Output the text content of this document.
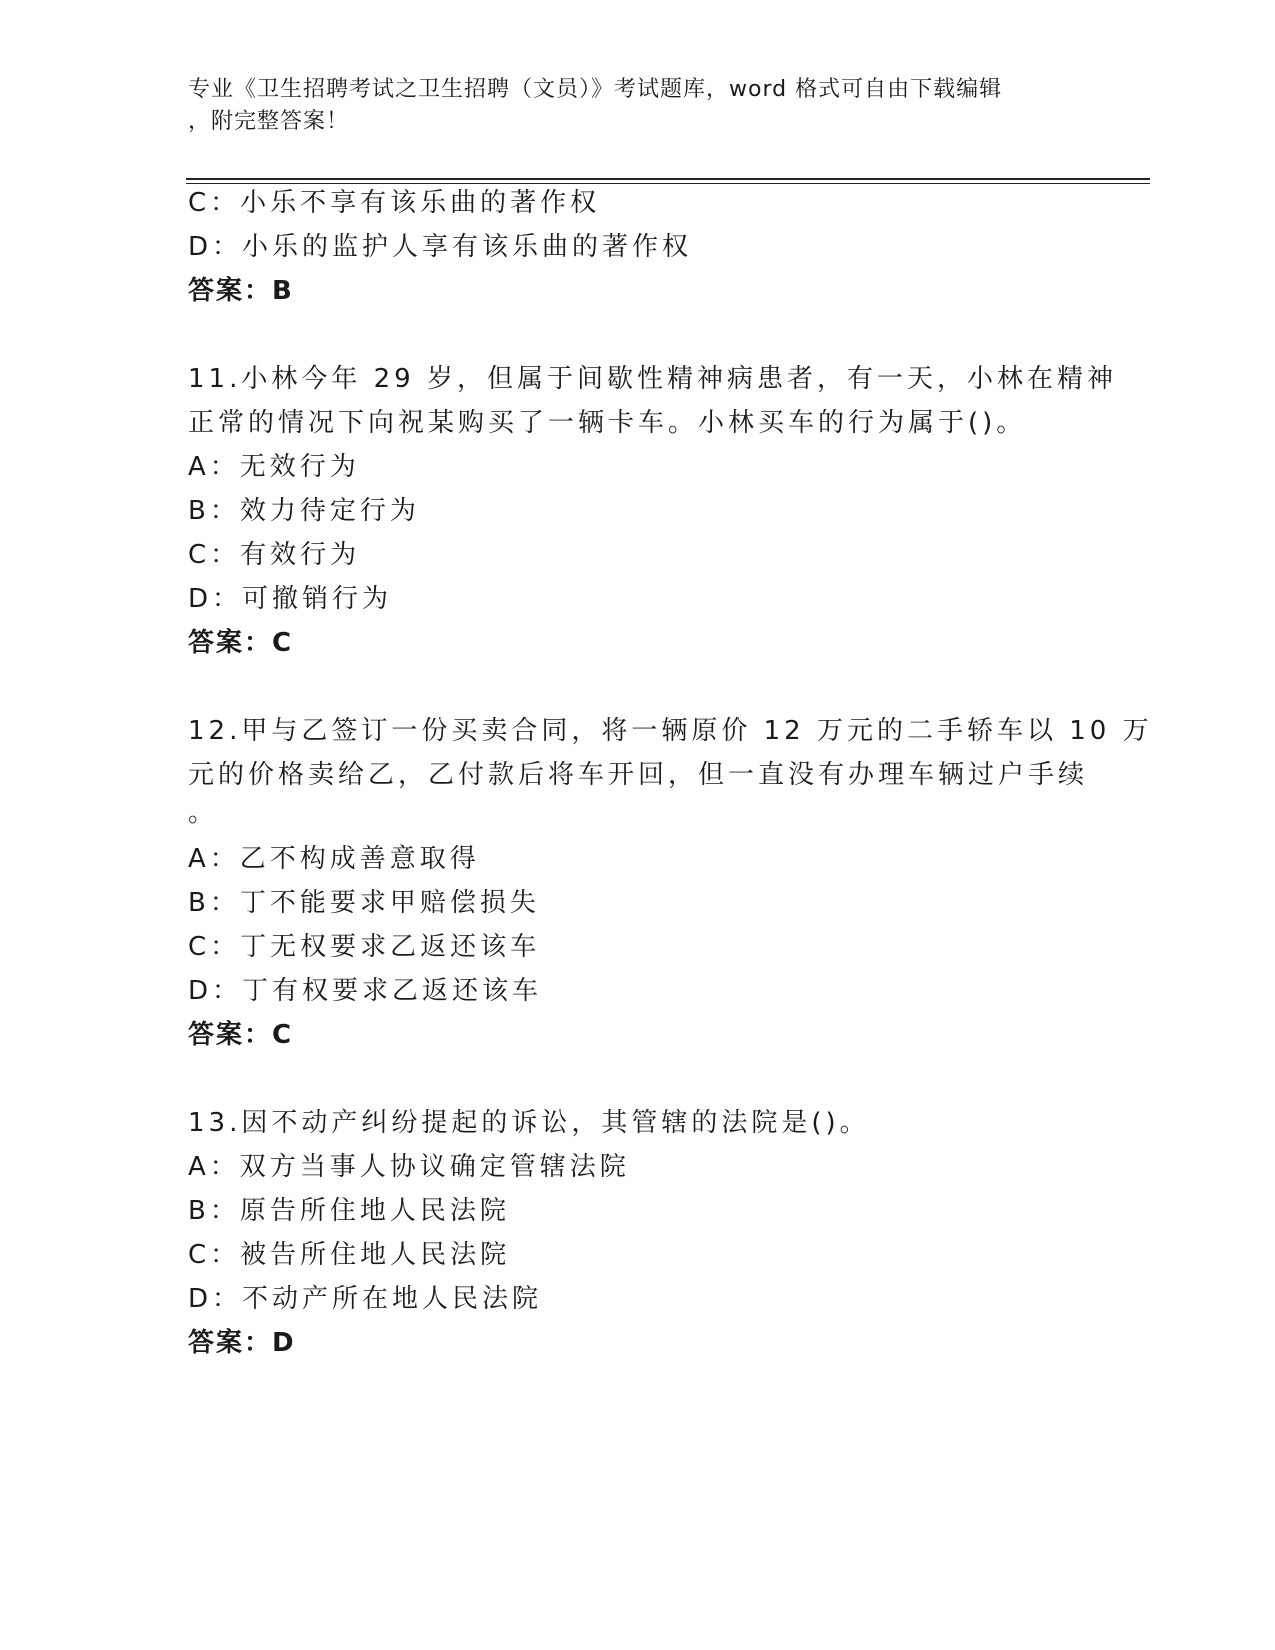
专业《卫生招聘考试之卫生招聘（文员）》考试题库，word 格式可自由下载编辑
，附完整答案！
C：小乐不享有该乐曲的著作权
D：小乐的监护人享有该乐曲的著作权
答案：B
11.小林今年 29 岁，但属于间歇性精神病患者，有一天，小林在精神
正常的情况下向祝某购买了一辆卡车。小林买车的行为属于()。
A：无效行为
B：效力待定行为
C：有效行为
D：可撤销行为
答案：C
12.甲与乙签订一份买卖合同，将一辆原价 12 万元的二手轿车以 10 万
元的价格卖给乙，乙付款后将车开回，但一直没有办理车辆过户手续
。
A：乙不构成善意取得
B：丁不能要求甲赔偿损失
C：丁无权要求乙返还该车
D：丁有权要求乙返还该车
答案：C
13.因不动产纠纷提起的诉讼，其管辖的法院是()。
A：双方当事人协议确定管辖法院
B：原告所住地人民法院
C：被告所住地人民法院
D：不动产所在地人民法院
答案：D
